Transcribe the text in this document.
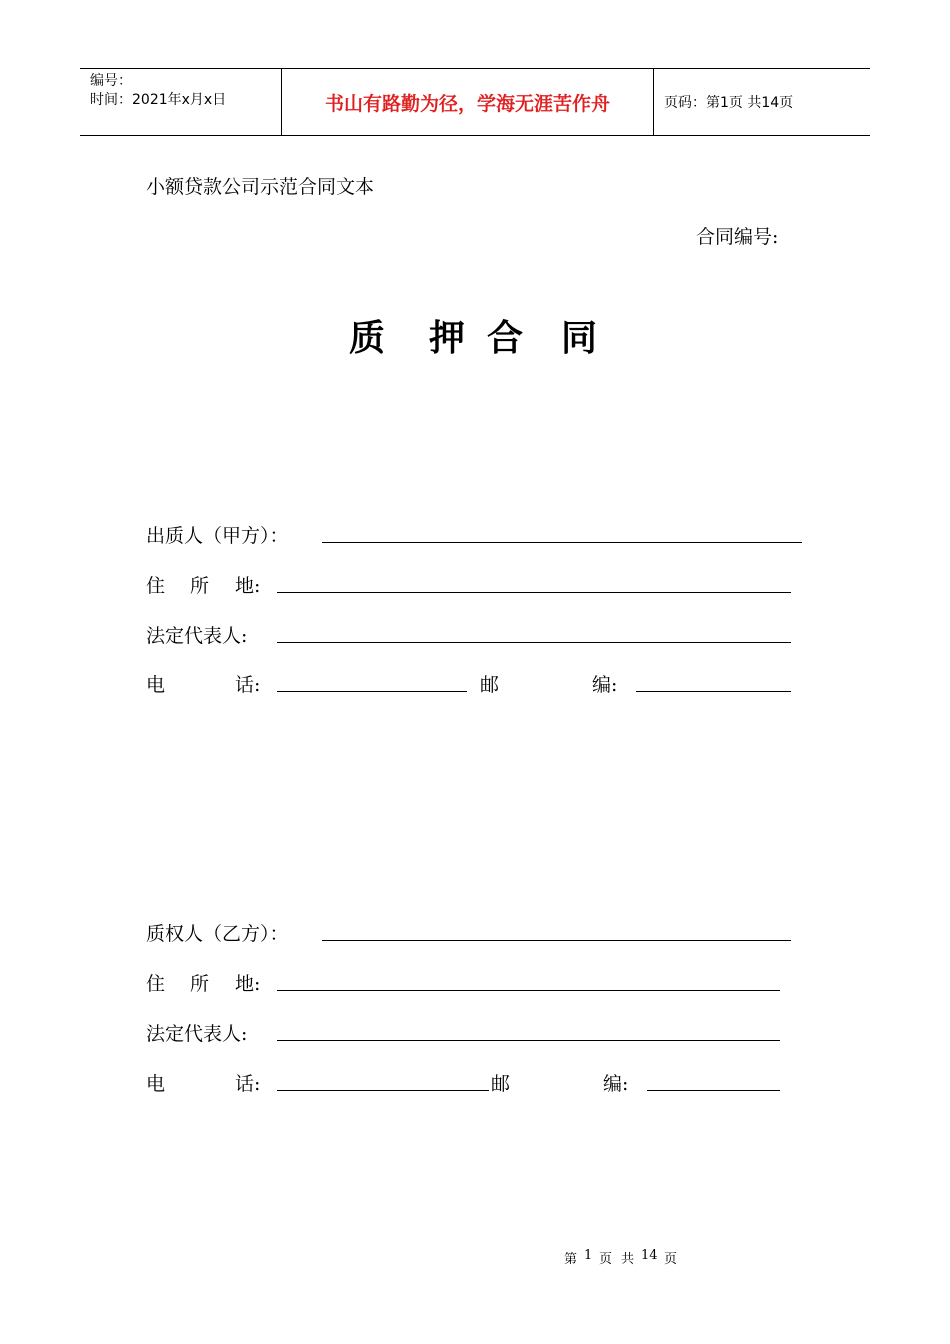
编号：
时间：2021年x月x日	书山有路勤为径，学海无涯苦作舟	页码：第1页 共14页
小额贷款公司示范合同文本
合同编号:
质 押 合 同
出质人（甲方）：
住 所 地:
法定代表人:
电	话:	邮	编:
质权人（乙方）：
住 所 地:
法定代表人:
电	话:	邮	编:
第 1 页 共 14 页
